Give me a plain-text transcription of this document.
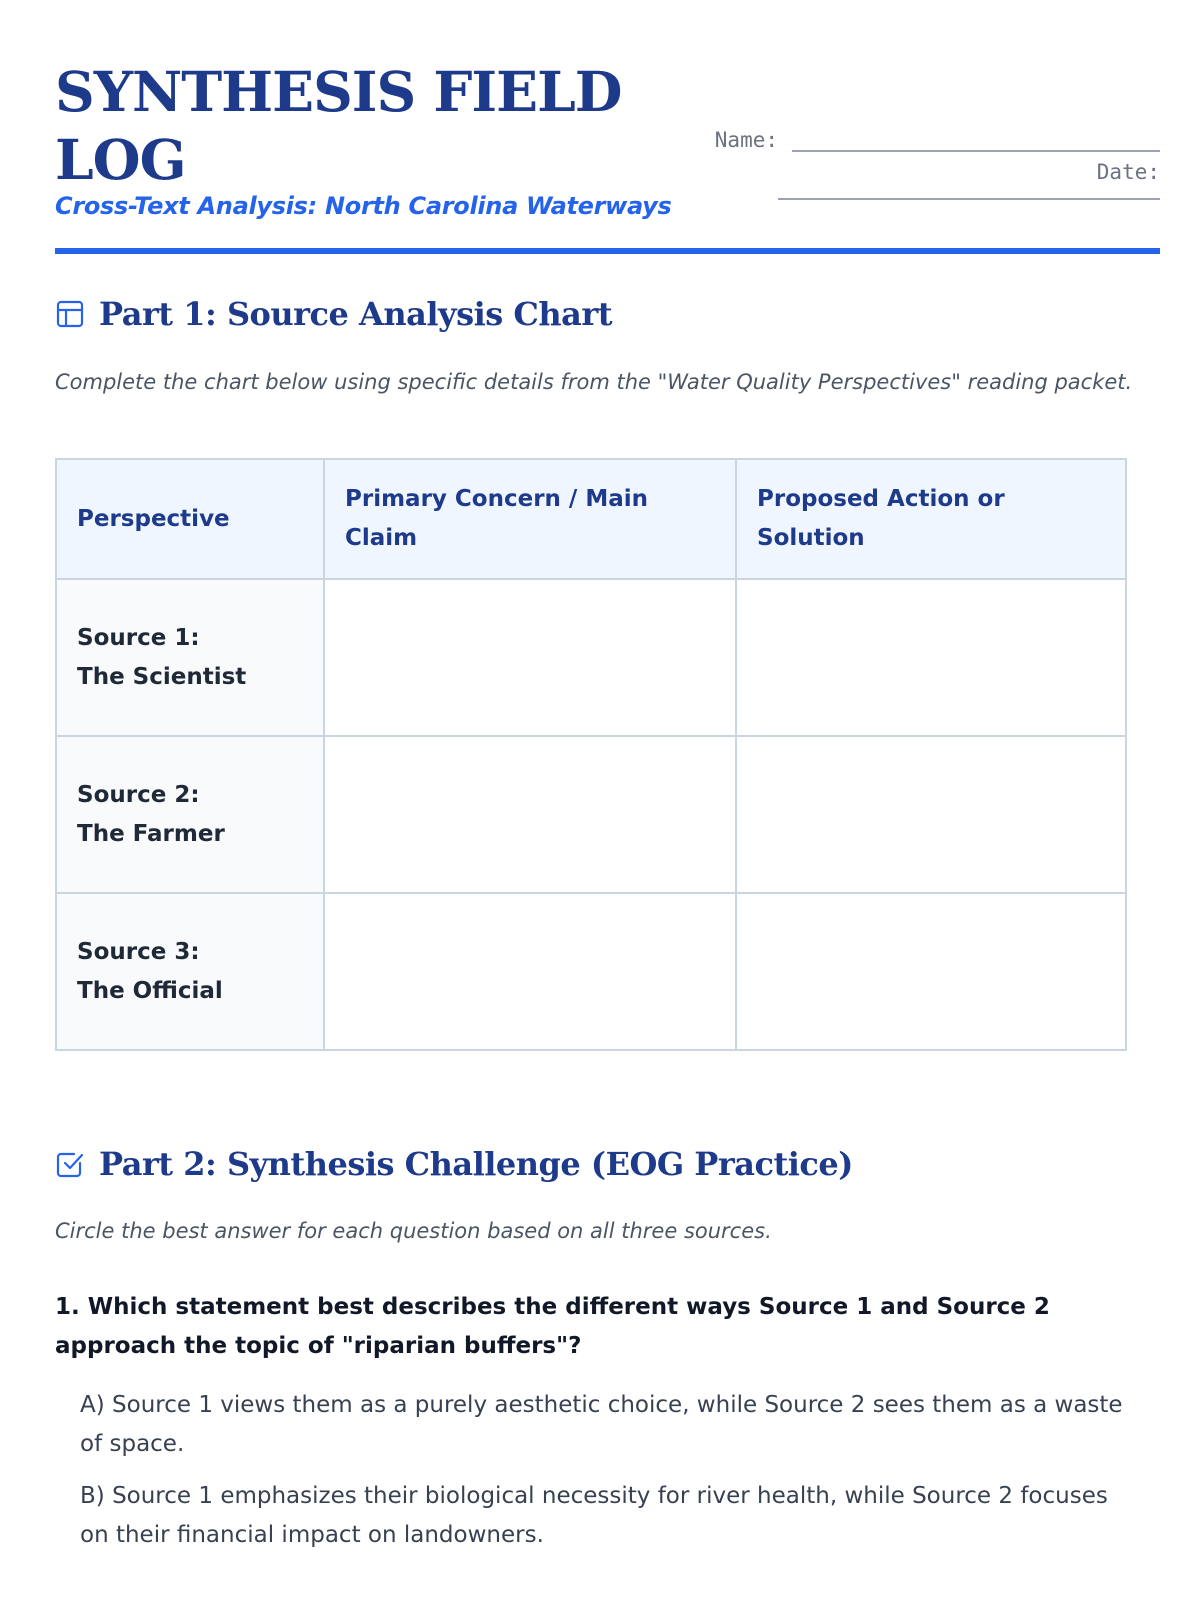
SYNTHESIS FIELD LOG
Cross-Text Analysis: North Carolina Waterways
Name:
Date:
Part 1: Source Analysis Chart

Complete the chart below using specific details from the "Water Quality Perspectives" reading packet.

Perspective	Primary Concern / Main Claim	Proposed Action or Solution

Source 1:
The Scientist		

Source 2:
The Farmer		

Source 3:
The Official		

Part 2: Synthesis Challenge (EOG Practice)

Circle the best answer for each question based on all three sources.

1. Which statement best describes the different ways Source 1 and Source 2 approach the topic of "riparian buffers"?

A) Source 1 views them as a purely aesthetic choice, while Source 2 sees them as a waste of space.

B) Source 1 emphasizes their biological necessity for river health, while Source 2 focuses on their financial impact on landowners.
